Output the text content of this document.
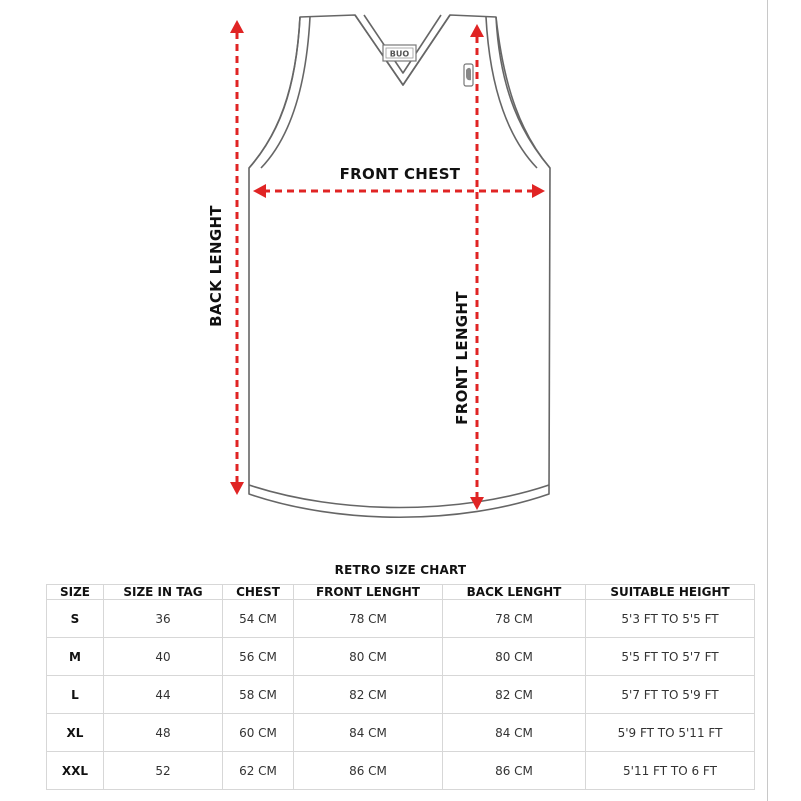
BUO
FRONT CHEST
BACK LENGHT
FRONT LENGHT
RETRO SIZE CHART
SIZE	SIZE IN TAG	CHEST	FRONT LENGHT	BACK LENGHT	SUITABLE HEIGHT
S	36	54 CM	78 CM	78 CM	5'3 FT TO 5'5 FT
M	40	56 CM	80 CM	80 CM	5'5 FT TO 5'7 FT
L	44	58 CM	82 CM	82 CM	5'7 FT TO 5'9 FT
XL	48	60 CM	84 CM	84 CM	5'9 FT TO 5'11 FT
XXL	52	62 CM	86 CM	86 CM	5'11 FT TO 6 FT
